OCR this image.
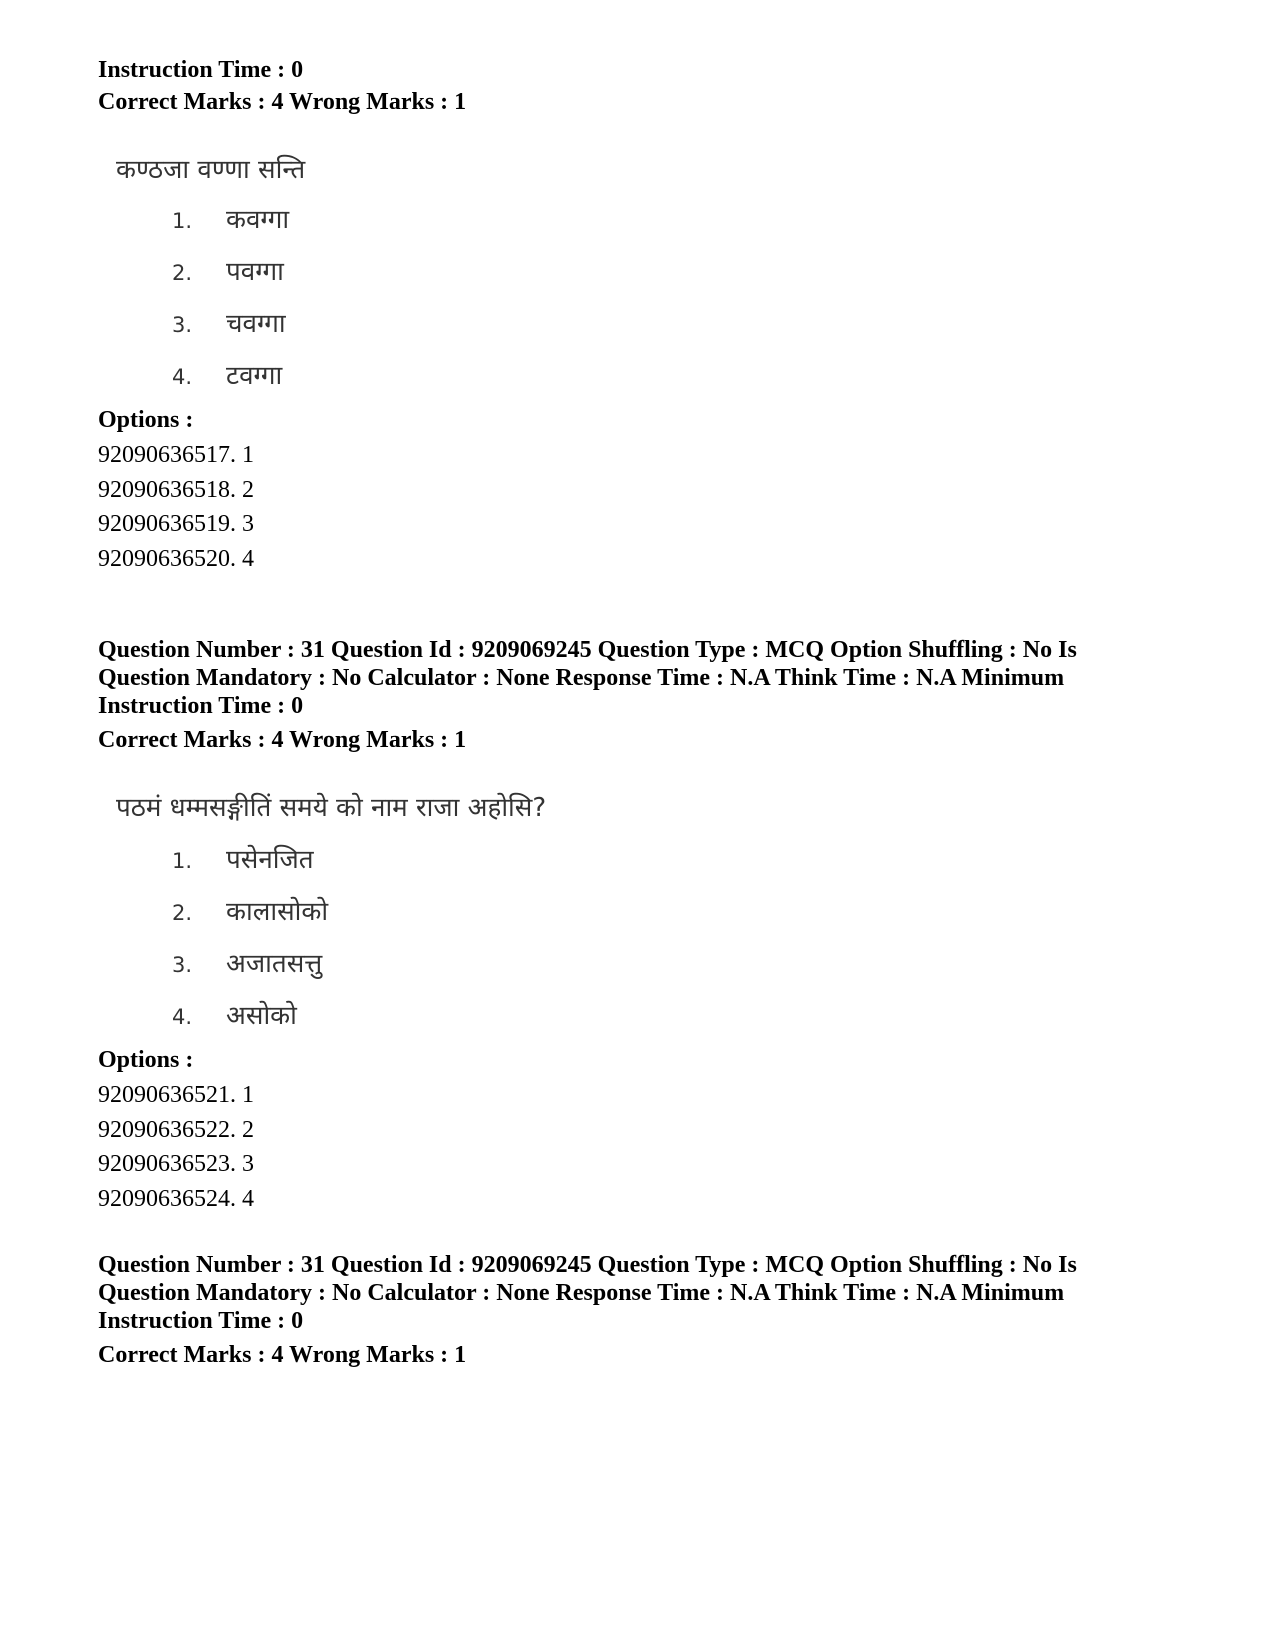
Instruction Time : 0

Correct Marks : 4 Wrong Marks : 1

कण्ठजा वण्णा सन्ति
1. कवग्गा
2. पवग्गा
3. चवग्गा
4. टवग्गा

Options :

92090636517. 1

92090636518. 2

92090636519. 3

92090636520. 4

Question Number : 31 Question Id : 9209069245 Question Type : MCQ Option Shuffling : No Is

Question Mandatory : No Calculator : None Response Time : N.A Think Time : N.A Minimum

Instruction Time : 0

Correct Marks : 4 Wrong Marks : 1

पठमं धम्मसङ्गीतिं समये को नाम राजा अहोसि?
1. पसेनजित
2. कालासोको
3. अजातसत्तु
4. असोको

Options :

92090636521. 1

92090636522. 2

92090636523. 3

92090636524. 4

Question Number : 31 Question Id : 9209069245 Question Type : MCQ Option Shuffling : No Is

Question Mandatory : No Calculator : None Response Time : N.A Think Time : N.A Minimum

Instruction Time : 0

Correct Marks : 4 Wrong Marks : 1
